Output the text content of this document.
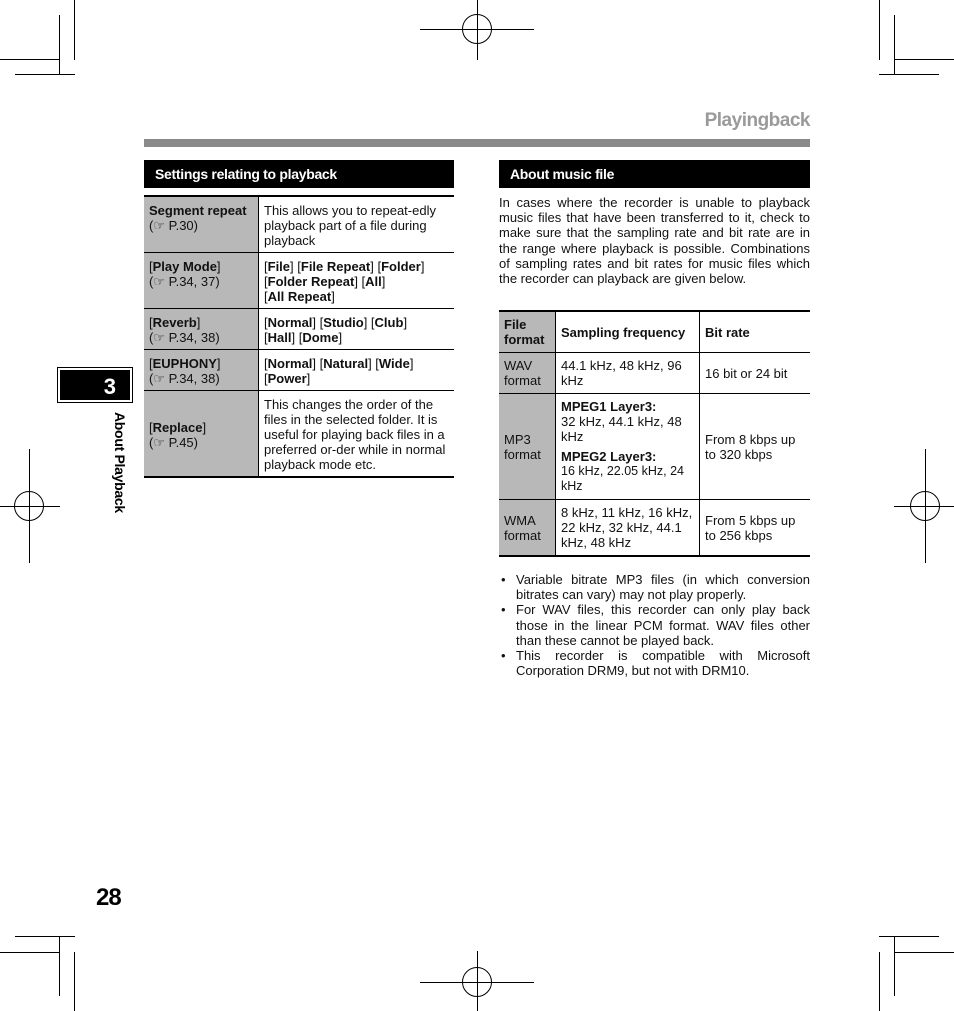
Playingback
3
About Playback
28
Settings relating to playback
Segment repeat
(☞ P.30)	This allows you to repeat-edly playback part of a file during playback
[Play Mode]
(☞ P.34, 37)	[File] [File Repeat] [Folder]
[Folder Repeat] [All]
[All Repeat]
[Reverb]
(☞ P.34, 38)	[Normal] [Studio] [Club]
[Hall] [Dome]
[EUPHONY]
(☞ P.34, 38)	[Normal] [Natural] [Wide]
[Power]
[Replace]
(☞ P.45)	This changes the order of the files in the selected folder. It is useful for playing back files in a preferred or-der while in normal playback mode etc.
About music file
In cases where the recorder is unable to playback music files that have been transferred to it, check to make sure that the sampling rate and bit rate are in the range where playback is possible. Combinations of sampling rates and bit rates for music files which the recorder can playback are given below.
File format	Sampling frequency	Bit rate
WAV format	44.1 kHz, 48 kHz, 96 kHz	16 bit or 24 bit
MP3 format	MPEG1 Layer3:
32 kHz, 44.1 kHz, 48 kHz
MPEG2 Layer3:
16 kHz, 22.05 kHz, 24 kHz	From 8 kbps up to 320 kbps
WMA format	8 kHz, 11 kHz, 16 kHz, 22 kHz, 32 kHz, 44.1 kHz, 48 kHz	From 5 kbps up to 256 kbps
• Variable bitrate MP3 files (in which conversion bitrates can vary) may not play properly.
• For WAV files, this recorder can only play back those in the linear PCM format. WAV files other than these cannot be played back.
• This recorder is compatible with Microsoft Corporation DRM9, but not with DRM10.
